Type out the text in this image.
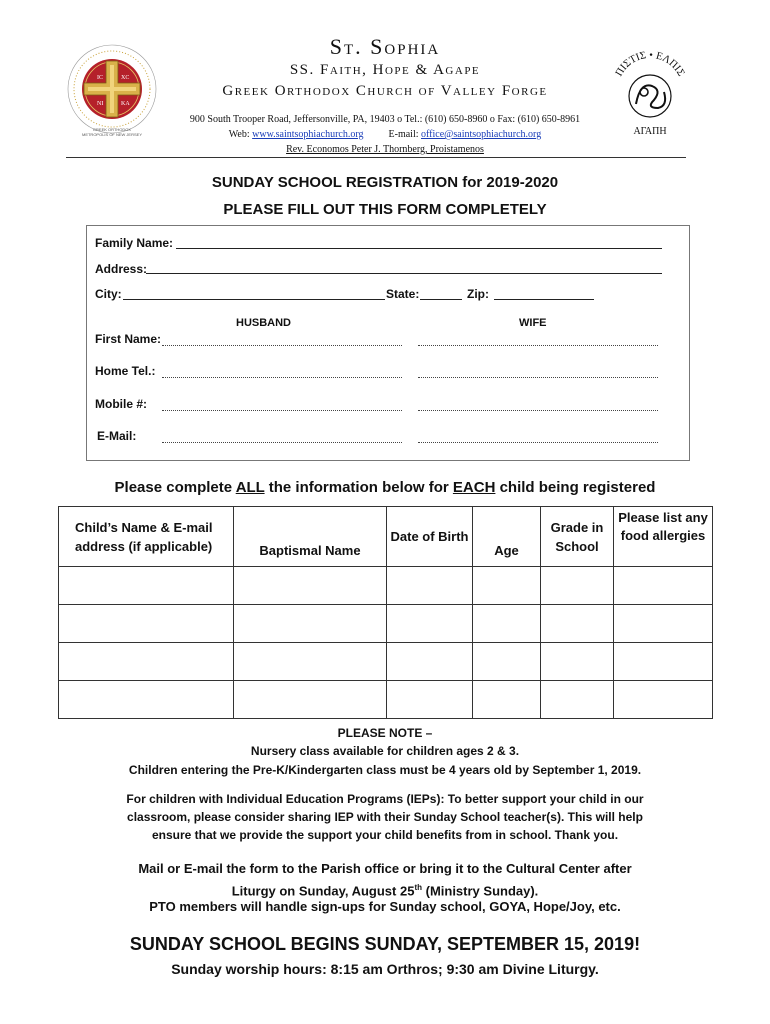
IC	XC
NI	KA
GREEK ORTHODOX
METROPOLIS OF NEW JERSEY
St. Sophia
SS. Faith, Hope & Agape
Greek Orthodox Church of Valley Forge
900 South Trooper Road, Jeffersonville, PA, 19403 o Tel.: (610) 650-8960 o Fax: (610) 650-8961
Web: www.saintsophiachurch.org	E-mail: office@saintsophiachurch.org
Rev. Economos Peter J. Thornberg, Proistamenos
ΠΙΣΤΙΣ • ΕΛΠΙΣ
ΑΓΑΠΗ
SUNDAY SCHOOL REGISTRATION for 2019-2020
PLEASE FILL OUT THIS FORM COMPLETELY
Family Name:
Address:
City:	State:	Zip:
HUSBAND	WIFE
First Name:
Home Tel.:
Mobile #:
E-Mail:
Please complete ALL the information below for EACH child being registered
Child’s Name & E-mail address (if applicable)	Baptismal Name	Date of Birth	Age	Grade in School	Please list any food allergies

PLEASE NOTE –
Nursery class available for children ages 2 & 3.
Children entering the Pre-K/Kindergarten class must be 4 years old by September 1, 2019.
For children with Individual Education Programs (IEPs): To better support your child in our
classroom, please consider sharing IEP with their Sunday School teacher(s). This will help
ensure that we provide the support your child benefits from in school. Thank you.
Mail or E-mail the form to the Parish office or bring it to the Cultural Center after
Liturgy on Sunday, August 25th (Ministry Sunday).
PTO members will handle sign-ups for Sunday school, GOYA, Hope/Joy, etc.
SUNDAY SCHOOL BEGINS SUNDAY, SEPTEMBER 15, 2019!
Sunday worship hours: 8:15 am Orthros; 9:30 am Divine Liturgy.
